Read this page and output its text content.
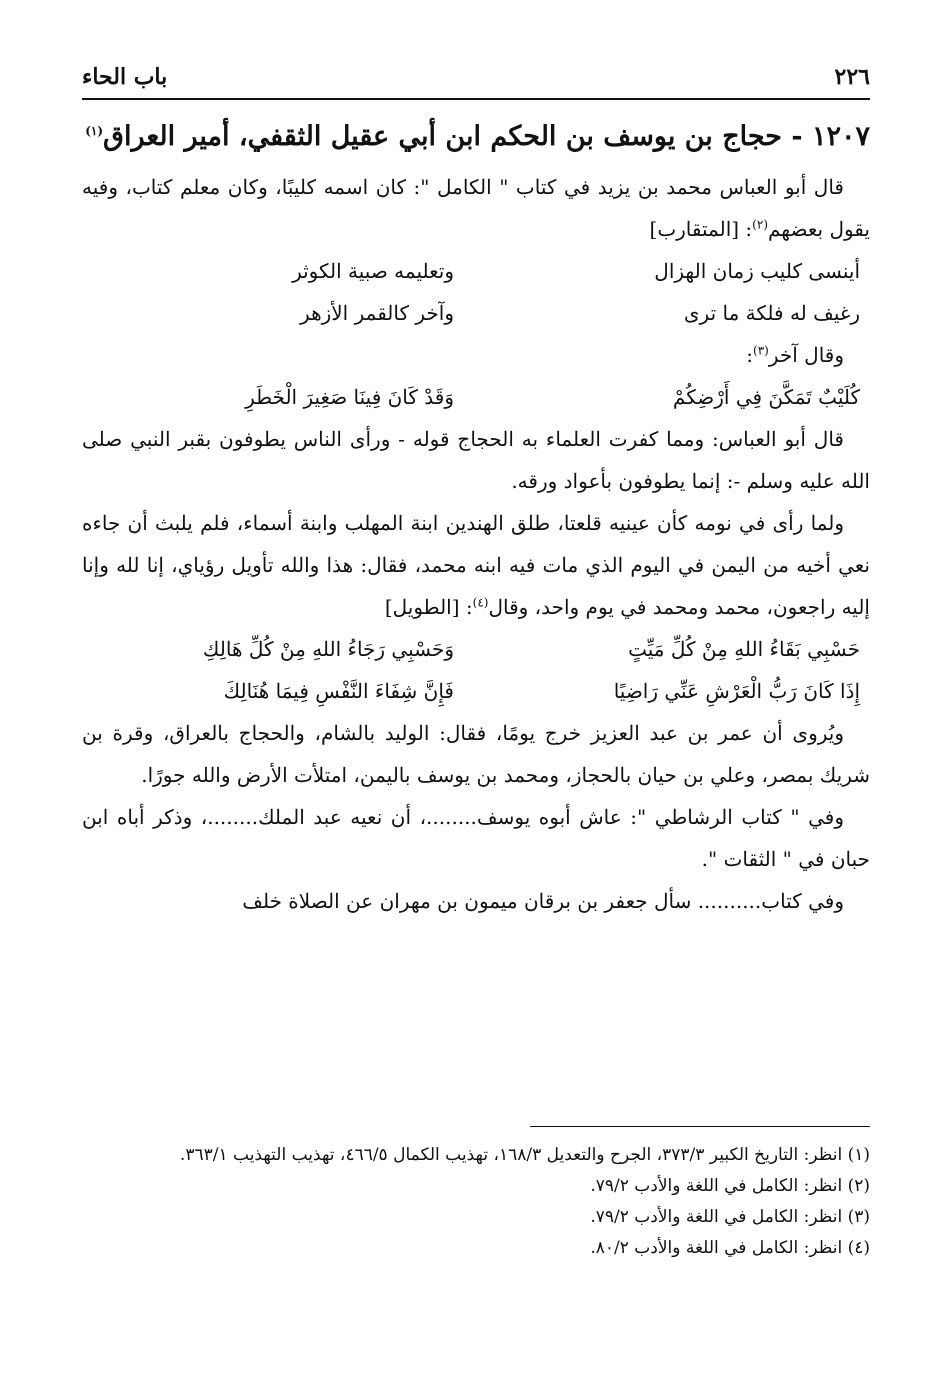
٢٢٦
باب الحاء

١٢٠٧ - حجاج بن يوسف بن الحكم ابن أبي عقيل الثقفي، أمير العراق$^{(١)}$

قال أبو العباس محمد بن يزيد في كتاب " الكامل ": كان اسمه كليبًا، وكان معلم كتاب، وفيه يقول بعضهم$^{(٢)}$: [المتقارب]

أينسى كليب زمان الهزال
وتعليمه صبية الكوثر
رغيف له فلكة ما ترى
وآخر كالقمر الأزهر

وقال آخر$^{(٣)}$:

كُلَيْبٌ تَمَكَّنَ فِي أَرْضِكُمْ
وَقَدْ كَانَ فِينَا صَغِيرَ الْخَطَرِ

قال أبو العباس: ومما كفرت العلماء به الحجاج قوله - ورأى الناس يطوفون بقبر النبي صلى الله عليه وسلم -: إنما يطوفون بأعواد ورقه.

ولما رأى في نومه كأن عينيه قلعتا، طلق الهندين ابنة المهلب وابنة أسماء، فلم يلبث أن جاءه نعي أخيه من اليمن في اليوم الذي مات فيه ابنه محمد، فقال: هذا والله تأويل رؤياي، إنا لله وإنا إليه راجعون، محمد ومحمد في يوم واحد، وقال$^{(٤)}$: [الطويل]

حَسْبِي بَقَاءُ اللهِ مِنْ كُلِّ مَيِّتٍ
وَحَسْبِي رَجَاءُ اللهِ مِنْ كُلِّ هَالِكِ
إِذَا كَانَ رَبُّ الْعَرْشِ عَنِّي رَاضِيًا
فَإِنَّ شِفَاءَ النَّفْسِ فِيمَا هُنَالِكَ

ويُروى أن عمر بن عبد العزيز خرج يومًا، فقال: الوليد بالشام، والحجاج بالعراق، وقرة بن شريك بمصر، وعلي بن حيان بالحجاز، ومحمد بن يوسف باليمن، امتلأت الأرض والله جورًا.

وفي " كتاب الرشاطي ": عاش أبوه يوسف........، أن نعيه عبد الملك........، وذكر أباه ابن حبان في " الثقات ".

وفي كتاب.......... سأل جعفر بن برقان ميمون بن مهران عن الصلاة خلف

(١) انظر: التاريخ الكبير ٣٧٣/٣، الجرح والتعديل ١٦٨/٣، تهذيب الكمال ٤٦٦/٥، تهذيب التهذيب ٣٦٣/١.

(٢) انظر: الكامل في اللغة والأدب ٧٩/٢.

(٣) انظر: الكامل في اللغة والأدب ٧٩/٢.

(٤) انظر: الكامل في اللغة والأدب ٨٠/٢.
